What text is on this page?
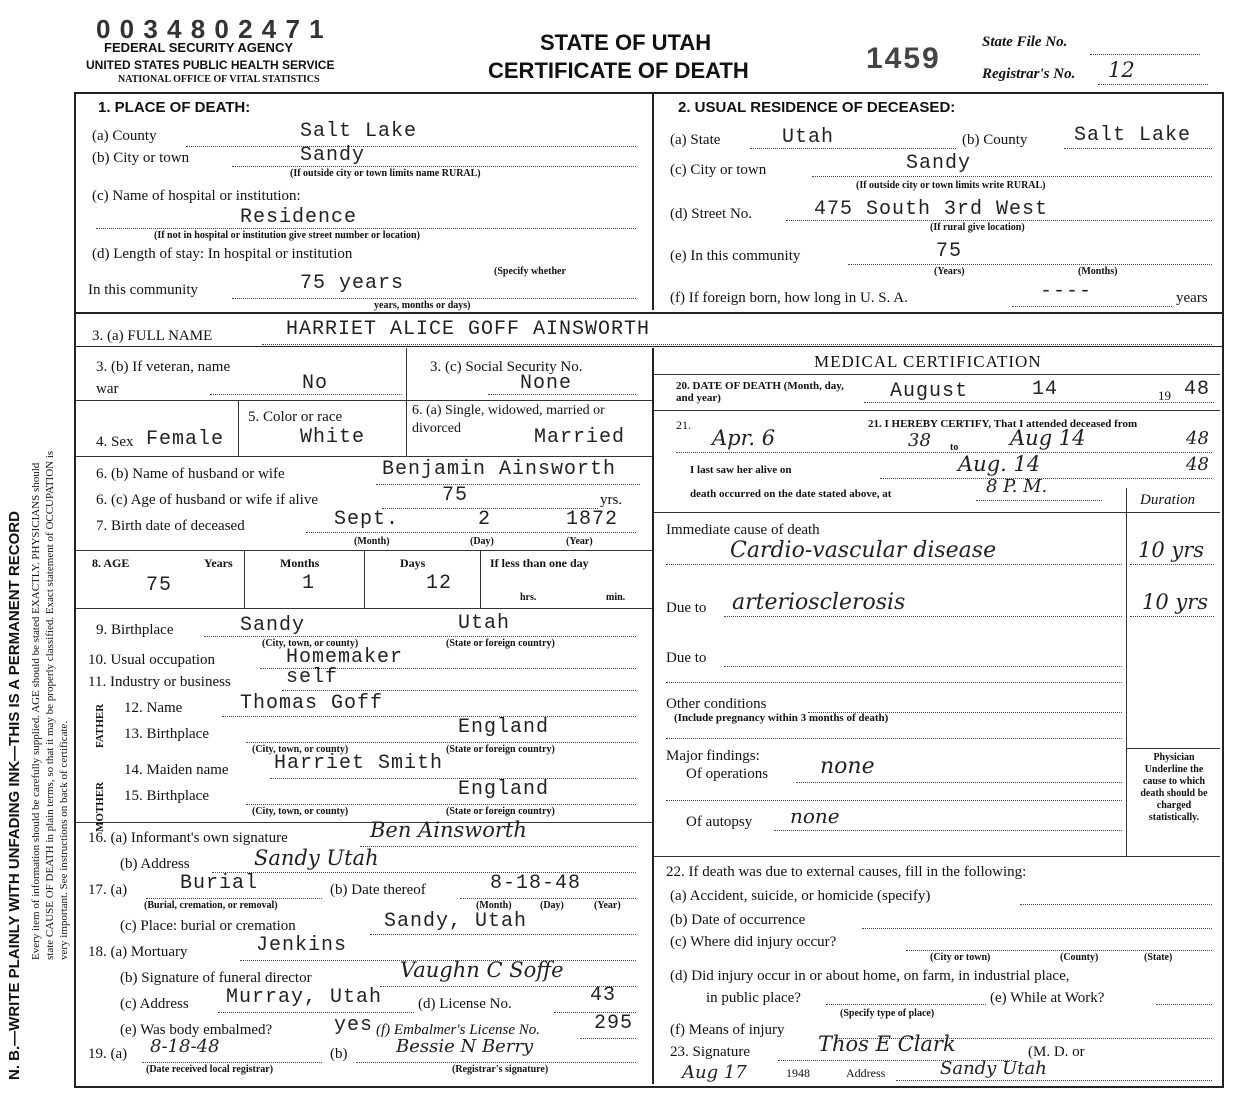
N. B.—WRITE PLAINLY WITH UNFADING INK—THIS IS A PERMANENT RECORD Every item of information should be carefully supplied. AGE should be stated EXACTLY. PHYSICIANS should state CAUSE OF DEATH in plain terms, so that it may be properly classified. Exact statement of OCCUPATION is very important. See instructions on back of certificate.
0 0 3 4 8 0 2 4 7 1
FEDERAL SECURITY AGENCY
UNITED STATES PUBLIC HEALTH SERVICE
NATIONAL OFFICE OF VITAL STATISTICS
STATE OF UTAH
CERTIFICATE OF DEATH	1459	State File No.
Registrar's No. 12
1. PLACE OF DEATH:
(a) County	Salt Lake
(b) City or town	Sandy
(If outside city or town limits name RURAL)
(c) Name of hospital or institution:
Residence
(If not in hospital or institution give street number or location)
(d) Length of stay: In hospital or institution
(Specify whether
In this community	75 years
years, months or days)
2. USUAL RESIDENCE OF DECEASED:
(a) State	Utah	(b) County Salt Lake
(c) City or town	Sandy
(If outside city or town limits write RURAL)
(d) Street No.	475 South 3rd West
(If rural give location)
(e) In this community	75
(Years)	(Months)
(f) If foreign born, how long in U. S. A.	----	years
3. (a) FULL NAME	HARRIET ALICE GOFF AINSWORTH
3. (b) If veteran, name war	No
3. (c) Social Security No.
None
4. Sex Female
5. Color or race
White
6. (a) Single, widowed, married or divorced	Married
6. (b) Name of husband or wife	Benjamin Ainsworth
6. (c) Age of husband or wife if alive	75	yrs.
7. Birth date of deceased	Sept.	2	1872
(Month)	(Day)	(Year)
8. AGE	Years
75
Months
1
Days
12
If less than one day
hrs.	min.
9. Birthplace	Sandy	Utah
(City, town, or county)	(State or foreign country)
10. Usual occupation	Homemaker
11. Industry or business	self
FATHER
MOTHER
12. Name	Thomas Goff
13. Birthplace	England
(City, town, or county)	(State or foreign country)
14. Maiden name Harriet Smith
15. Birthplace	England
(City, town, or county)	(State or foreign country)
16. (a) Informant's own signature	Ben Ainsworth
(b) Address	Sandy Utah
17. (a)	Burial
(Burial, cremation, or removal)
(b) Date thereof	8-18-48
(Month)	(Day)	(Year)
(c) Place: burial or cremation	Sandy, Utah
18. (a) Mortuary	Jenkins
(b) Signature of funeral director	Vaughn C Soffe
(c) Address Murray, Utah (d) License No.	43
(e) Was body embalmed?	yes (f) Embalmer's License No.	295
19. (a) 8-18-48
(Date received local registrar)
(b)	Bessie N Berry
(Registrar's signature)
MEDICAL CERTIFICATION
20. DATE OF DEATH (Month, day, and year)	August	14	19 48
21. I HEREBY CERTIFY, That I attended deceased from
21.
Apr. 6	38 to Aug 14	48
I last saw her alive on	Aug. 14	48
death occurred on the date stated above, at	8 P. M.
Duration
Immediate cause of death
Cardio-vascular disease	10 yrs
Due to arteriosclerosis	10 yrs
Due to
Other conditions
(Include pregnancy within 3 months of death)
Major findings:
Of operations none
Of autopsy none
Physician Underline the cause to which death should be charged statistically.
22. If death was due to external causes, fill in the following:
(a) Accident, suicide, or homicide (specify)
(b) Date of occurrence
(c) Where did injury occur?
(City or town)	(County)	(State)
(d) Did injury occur in or about home, on farm, in industrial place,
in public place?	(e) While at Work?
(Specify type of place)
(f) Means of injury
23. Signature	Thos E Clark	(M. D. or
Aug 17	1948	Address	Sandy Utah
